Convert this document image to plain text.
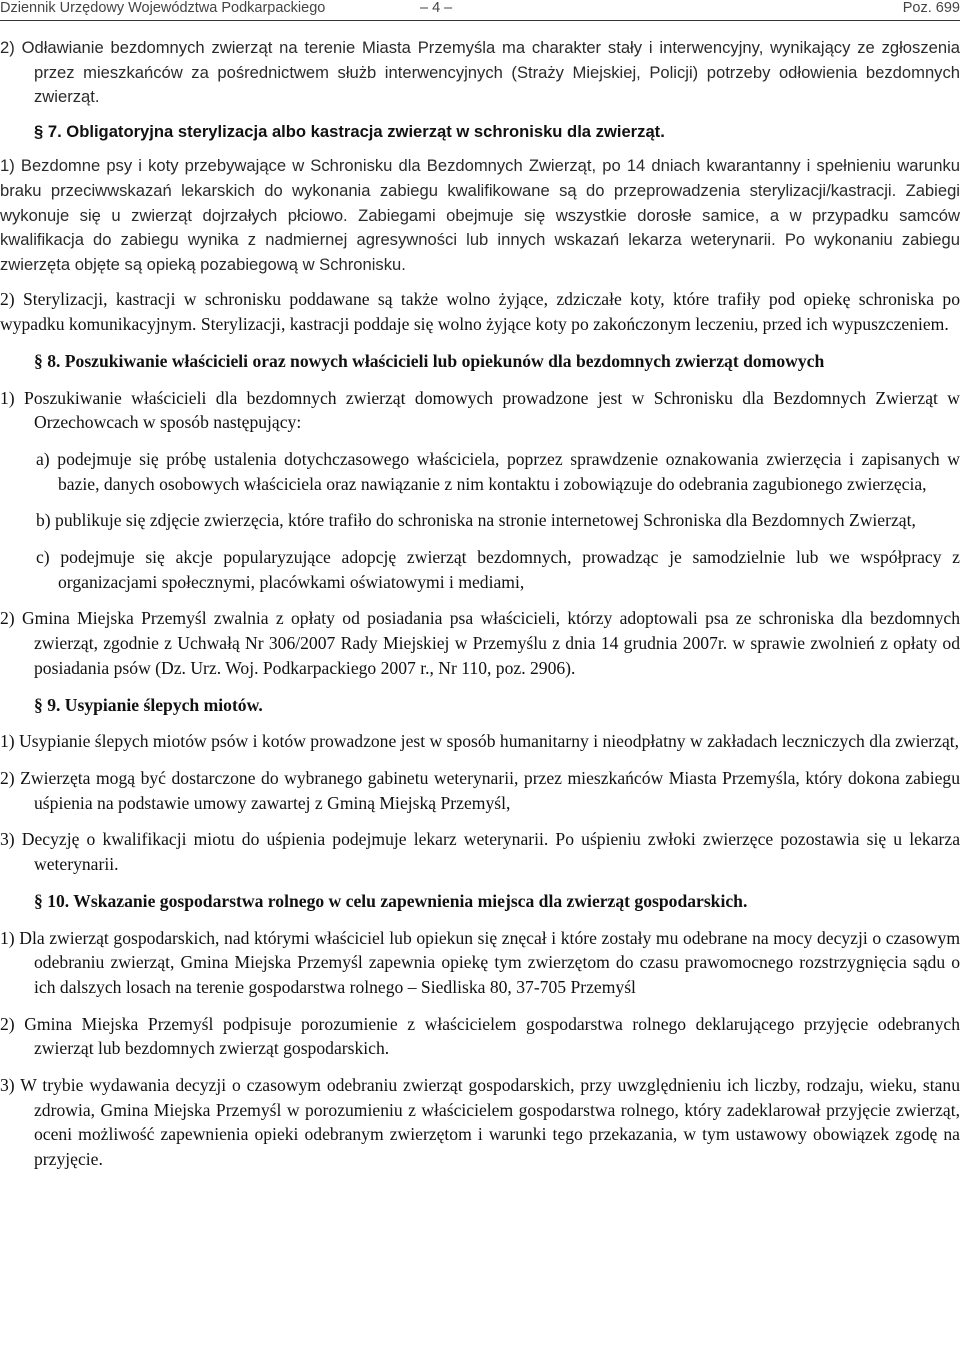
Dziennik Urzędowy Województwa Podkarpackiego	– 4 –	Poz. 699

2) Odławianie bezdomnych zwierząt na terenie Miasta Przemyśla ma charakter stały i interwencyjny, wynikający ze zgłoszenia przez mieszkańców za pośrednictwem służb interwencyjnych (Straży Miejskiej, Policji) potrzeby odłowienia bezdomnych zwierząt.

§ 7. Obligatoryjna sterylizacja albo kastracja zwierząt w schronisku dla zwierząt.

1) Bezdomne psy i koty przebywające w Schronisku dla Bezdomnych Zwierząt, po 14 dniach kwarantanny i spełnieniu warunku braku przeciwwskazań lekarskich do wykonania zabiegu kwalifikowane są do przeprowadzenia sterylizacji/kastracji. Zabiegi wykonuje się u zwierząt dojrzałych płciowo. Zabiegami obejmuje się wszystkie dorosłe samice, a w przypadku samców kwalifikacja do zabiegu wynika z nadmiernej agresywności lub innych wskazań lekarza weterynarii. Po wykonaniu zabiegu zwierzęta objęte są opieką pozabiegową w Schronisku.

2) Sterylizacji, kastracji w schronisku poddawane są także wolno żyjące, zdziczałe koty, które trafiły pod opiekę schroniska po wypadku komunikacyjnym. Sterylizacji, kastracji poddaje się wolno żyjące koty po zakończonym leczeniu, przed ich wypuszczeniem.

§ 8. Poszukiwanie właścicieli oraz nowych właścicieli lub opiekunów dla bezdomnych zwierząt domowych

1) Poszukiwanie właścicieli dla bezdomnych zwierząt domowych prowadzone jest w Schronisku dla Bezdomnych Zwierząt w Orzechowcach w sposób następujący:

a) podejmuje się próbę ustalenia dotychczasowego właściciela, poprzez sprawdzenie oznakowania zwierzęcia i zapisanych w bazie, danych osobowych właściciela oraz nawiązanie z nim kontaktu i zobowiązuje do odebrania zagubionego zwierzęcia,

b) publikuje się zdjęcie zwierzęcia, które trafiło do schroniska na stronie internetowej Schroniska dla Bezdomnych Zwierząt,

c) podejmuje się akcje popularyzujące adopcję zwierząt bezdomnych, prowadząc je samodzielnie lub we współpracy z organizacjami społecznymi, placówkami oświatowymi i mediami,

2) Gmina Miejska Przemyśl zwalnia z opłaty od posiadania psa właścicieli, którzy adoptowali psa ze schroniska dla bezdomnych zwierząt, zgodnie z Uchwałą Nr 306/2007 Rady Miejskiej w Przemyślu z dnia 14 grudnia 2007r. w sprawie zwolnień z opłaty od posiadania psów (Dz. Urz. Woj. Podkarpackiego 2007 r., Nr 110, poz. 2906).

§ 9. Usypianie ślepych miotów.

1) Usypianie ślepych miotów psów i kotów prowadzone jest w sposób humanitarny i nieodpłatny w zakładach leczniczych dla zwierząt,

2) Zwierzęta mogą być dostarczone do wybranego gabinetu weterynarii, przez mieszkańców Miasta Przemyśla, który dokona zabiegu uśpienia na podstawie umowy zawartej z Gminą Miejską Przemyśl,

3) Decyzję o kwalifikacji miotu do uśpienia podejmuje lekarz weterynarii. Po uśpieniu zwłoki zwierzęce pozostawia się u lekarza weterynarii.

§ 10. Wskazanie gospodarstwa rolnego w celu zapewnienia miejsca dla zwierząt gospodarskich.

1) Dla zwierząt gospodarskich, nad którymi właściciel lub opiekun się znęcał i które zostały mu odebrane na mocy decyzji o czasowym odebraniu zwierząt, Gmina Miejska Przemyśl zapewnia opiekę tym zwierzętom do czasu prawomocnego rozstrzygnięcia sądu o ich dalszych losach na terenie gospodarstwa rolnego – Siedliska 80, 37-705 Przemyśl

2) Gmina Miejska Przemyśl podpisuje porozumienie z właścicielem gospodarstwa rolnego deklarującego przyjęcie odebranych zwierząt lub bezdomnych zwierząt gospodarskich.

3) W trybie wydawania decyzji o czasowym odebraniu zwierząt gospodarskich, przy uwzględnieniu ich liczby, rodzaju, wieku, stanu zdrowia, Gmina Miejska Przemyśl w porozumieniu z właścicielem gospodarstwa rolnego, który zadeklarował przyjęcie zwierząt, oceni możliwość zapewnienia opieki odebranym zwierzętom i warunki tego przekazania, w tym ustawowy obowiązek zgodę na przyjęcie.
